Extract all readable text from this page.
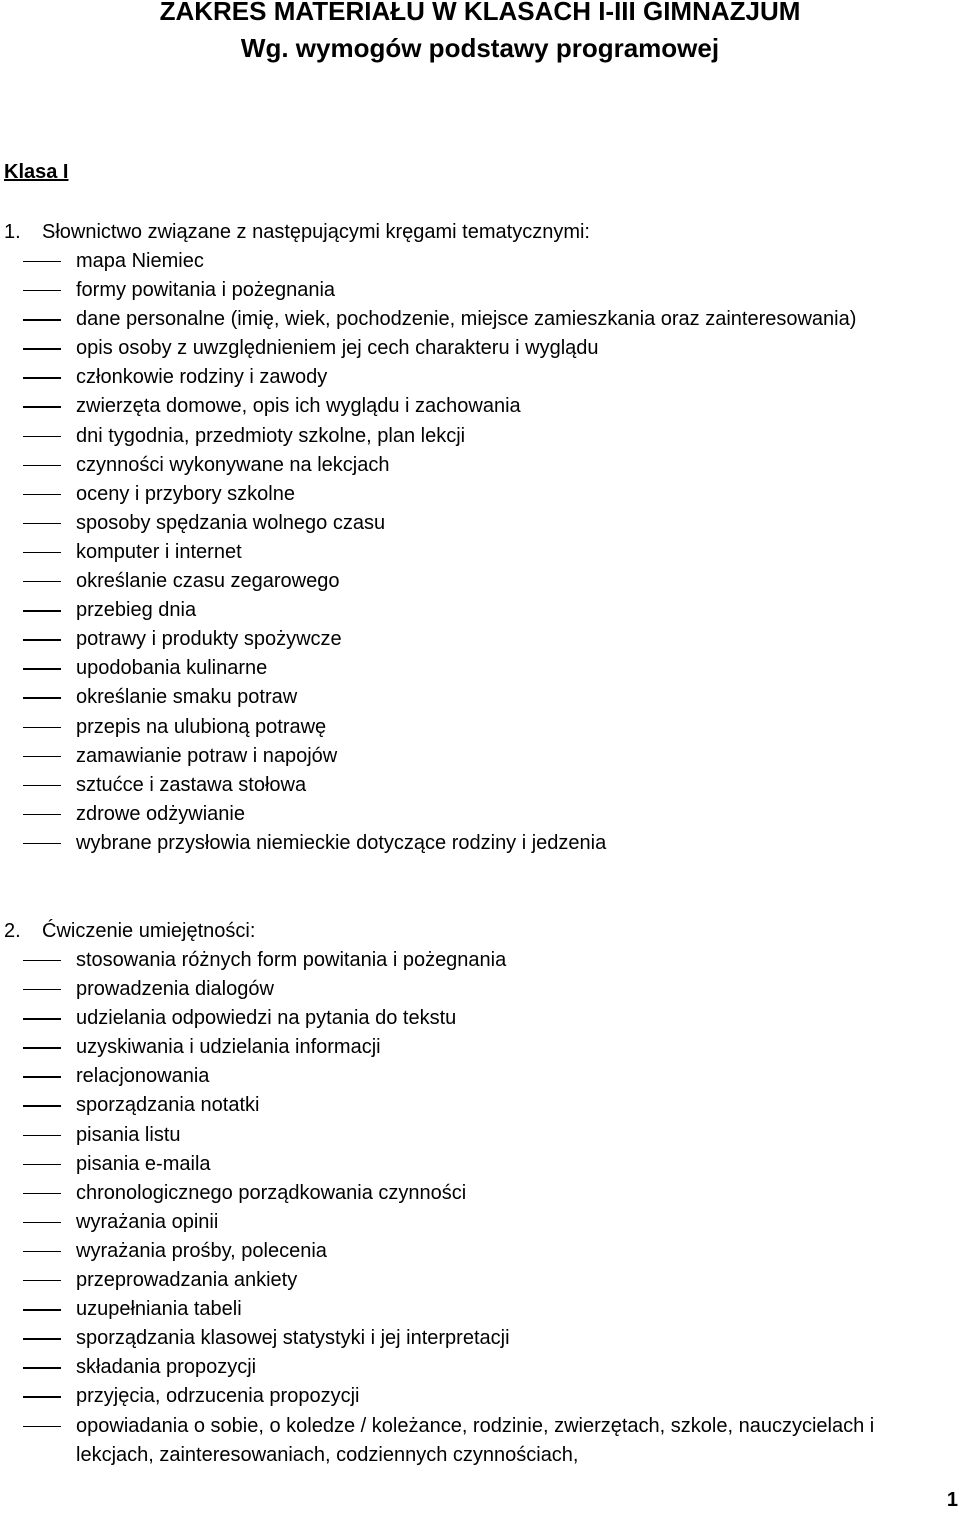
ZAKRES MATERIAŁU W KLASACH I-III GIMNAZJUM
Wg. wymogów podstawy programowej
Klasa I
1. Słownictwo związane z następującymi kręgami tematycznymi:
mapa Niemiec
formy powitania i pożegnania
dane personalne (imię, wiek, pochodzenie, miejsce zamieszkania oraz zainteresowania)
opis osoby z uwzględnieniem jej cech charakteru i wyglądu
członkowie rodziny i zawody
zwierzęta domowe, opis ich wyglądu i zachowania
dni tygodnia, przedmioty szkolne, plan lekcji
czynności wykonywane na lekcjach
oceny i przybory szkolne
sposoby spędzania wolnego czasu
komputer i internet
określanie czasu zegarowego
przebieg dnia
potrawy i produkty spożywcze
upodobania kulinarne
określanie smaku potraw
przepis na ulubioną potrawę
zamawianie potraw i napojów
sztućce i zastawa stołowa
zdrowe odżywianie
wybrane przysłowia niemieckie dotyczące rodziny i jedzenia
2. Ćwiczenie umiejętności:
stosowania różnych form powitania i pożegnania
prowadzenia dialogów
udzielania odpowiedzi na pytania do tekstu
uzyskiwania i udzielania informacji
relacjonowania
sporządzania notatki
pisania listu
pisania e-maila
chronologicznego porządkowania czynności
wyrażania opinii
wyrażania prośby, polecenia
przeprowadzania ankiety
uzupełniania tabeli
sporządzania klasowej statystyki i jej interpretacji
składania propozycji
przyjęcia, odrzucenia propozycji
opowiadania o sobie, o koledze / koleżance, rodzinie, zwierzętach, szkole, nauczycielach i lekcjach, zainteresowaniach, codziennych czynnościach,
1
